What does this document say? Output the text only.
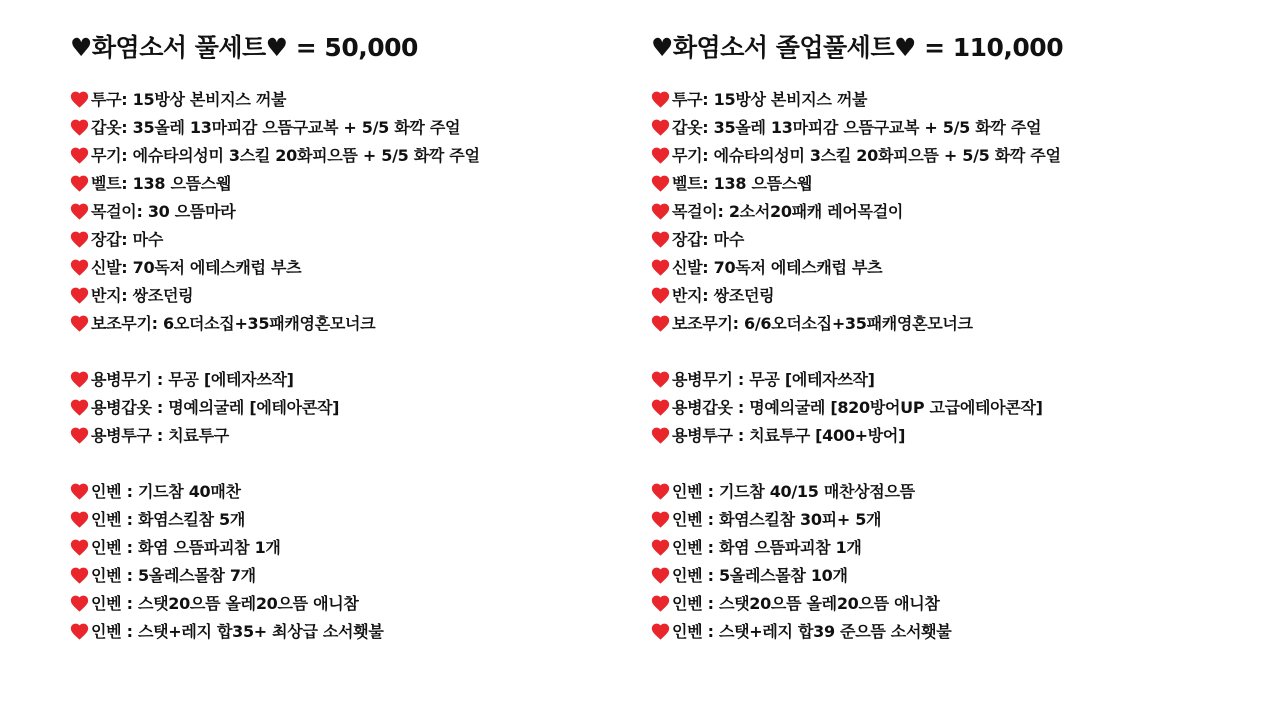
♥화염소서 풀세트♥ = 50,000
투구: 15방상 본비지스 꺼불
갑옷: 35올레 13마피감 으뜸구교복 + 5/5 화깍 주얼
무기: 에슈타의성미 3스킬 20화피으뜸 + 5/5 화깍 주얼
벨트: 138 으뜸스웹
목걸이: 30 으뜸마라
장갑: 마수
신발: 70독저 에테스캐럽 부츠
반지: 쌍조던링
보조무기: 6오더소집+35패캐영혼모너크
용병무기 : 무공 [에테자쓰작]
용병갑옷 : 명예의굴레 [에테아콘작]
용병투구 : 치료투구
인벤 : 기드참 40매찬
인벤 : 화염스킬참 5개
인벤 : 화염 으뜸파괴참 1개
인벤 : 5올레스몰참 7개
인벤 : 스탯20으뜸 올레20으뜸 애니참
인벤 : 스탯+레지 합35+ 최상급 소서횃불
♥화염소서 졸업풀세트♥ = 110,000
투구: 15방상 본비지스 꺼불
갑옷: 35올레 13마피감 으뜸구교복 + 5/5 화깍 주얼
무기: 에슈타의성미 3스킬 20화피으뜸 + 5/5 화깍 주얼
벨트: 138 으뜸스웹
목걸이: 2소서20패캐 레어목걸이
장갑: 마수
신발: 70독저 에테스캐럽 부츠
반지: 쌍조던링
보조무기: 6/6오더소집+35패캐영혼모너크
용병무기 : 무공 [에테자쓰작]
용병갑옷 : 명예의굴레 [820방어UP 고급에테아콘작]
용병투구 : 치료투구 [400+방어]
인벤 : 기드참 40/15 매찬상점으뜸
인벤 : 화염스킬참 30피+ 5개
인벤 : 화염 으뜸파괴참 1개
인벤 : 5올레스몰참 10개
인벤 : 스탯20으뜸 올레20으뜸 애니참
인벤 : 스탯+레지 합39 준으뜸 소서횃불
